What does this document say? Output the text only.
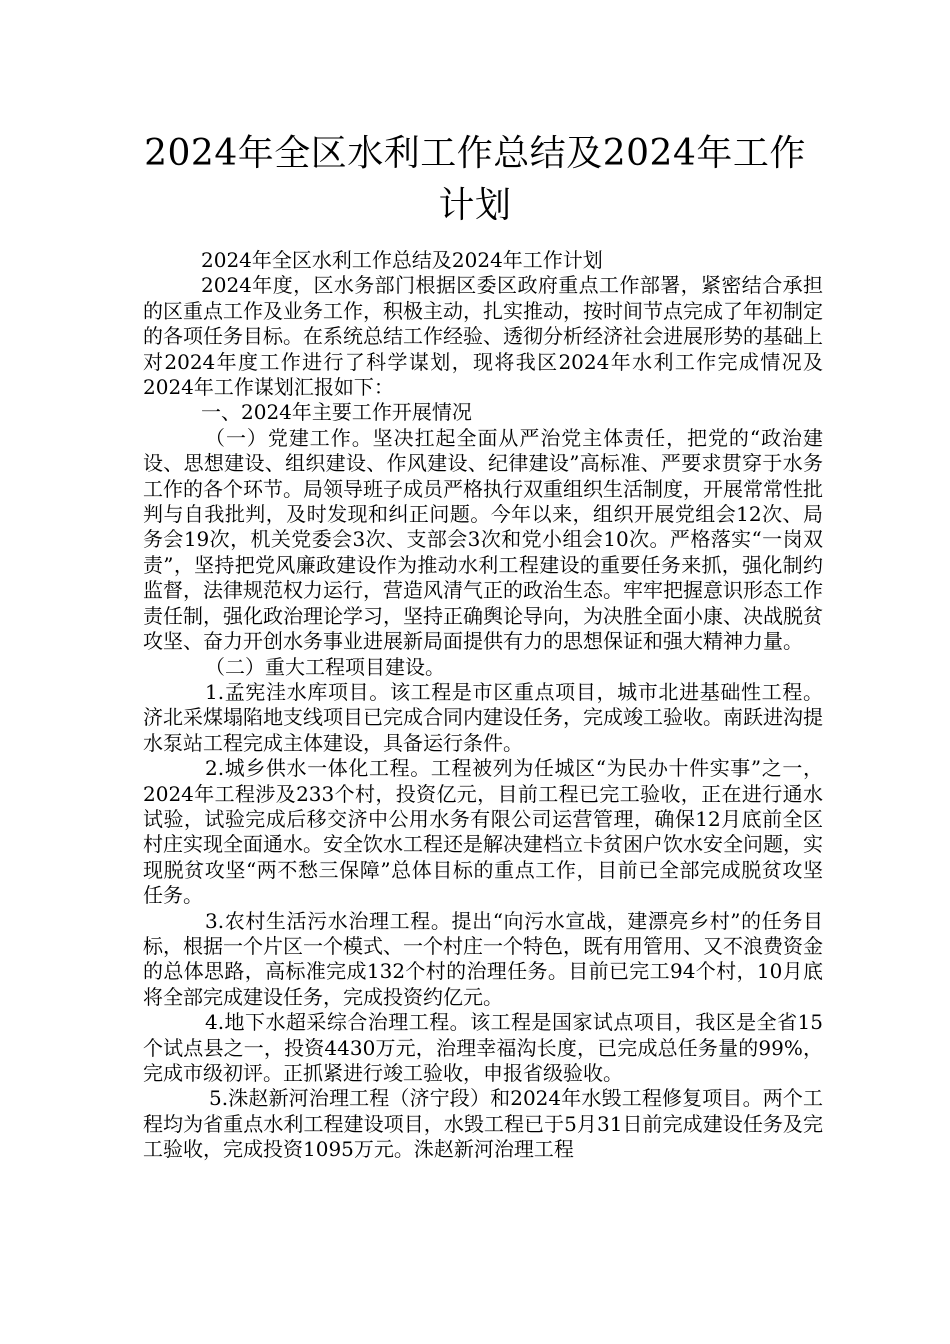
2024年全区水利工作总结及2024年工作计划

2024年全区水利工作总结及2024年工作计划

2024年度，区水务部门根据区委区政府重点工作部署，紧密结合承担的区重点工作及业务工作，积极主动，扎实推动，按时间节点完成了年初制定的各项任务目标。在系统总结工作经验、透彻分析经济社会进展形势的基础上对2024年度工作进行了科学谋划，现将我区2024年水利工作完成情况及2024年工作谋划汇报如下：

一、2024年主要工作开展情况

（一）党建工作。坚决扛起全面从严治党主体责任，把党的“政治建设、思想建设、组织建设、作风建设、纪律建设”高标准、严要求贯穿于水务工作的各个环节。局领导班子成员严格执行双重组织生活制度，开展常常性批判与自我批判，及时发现和纠正问题。今年以来，组织开展党组会12次、局务会19次，机关党委会3次、支部会3次和党小组会10次。严格落实“一岗双责”，坚持把党风廉政建设作为推动水利工程建设的重要任务来抓，强化制约监督，法律规范权力运行，营造风清气正的政治生态。牢牢把握意识形态工作责任制，强化政治理论学习，坚持正确舆论导向，为决胜全面小康、决战脱贫攻坚、奋力开创水务事业进展新局面提供有力的思想保证和强大精神力量。

（二）重大工程项目建设。

1.孟宪洼水库项目。该工程是市区重点项目，城市北进基础性工程。济北采煤塌陷地支线项目已完成合同内建设任务，完成竣工验收。南跃进沟提水泵站工程完成主体建设，具备运行条件。

2.城乡供水一体化工程。工程被列为任城区“为民办十件实事”之一，2024年工程涉及233个村，投资亿元，目前工程已完工验收，正在进行通水试验，试验完成后移交济中公用水务有限公司运营管理，确保12月底前全区村庄实现全面通水。安全饮水工程还是解决建档立卡贫困户饮水安全问题，实现脱贫攻坚“两不愁三保障”总体目标的重点工作，目前已全部完成脱贫攻坚任务。

3.农村生活污水治理工程。提出“向污水宣战，建漂亮乡村”的任务目标，根据一个片区一个模式、一个村庄一个特色，既有用管用、又不浪费资金的总体思路，高标准完成132个村的治理任务。目前已完工94个村，10月底将全部完成建设任务，完成投资约亿元。

4.地下水超采综合治理工程。该工程是国家试点项目，我区是全省15个试点县之一，投资4430万元，治理幸福沟长度，已完成总任务量的99%，完成市级初评。正抓紧进行竣工验收，申报省级验收。

5.洙赵新河治理工程（济宁段）和2024年水毁工程修复项目。两个工程均为省重点水利工程建设项目，水毁工程已于5月31日前完成建设任务及完工验收，完成投资1095万元。洙赵新河治理工程
